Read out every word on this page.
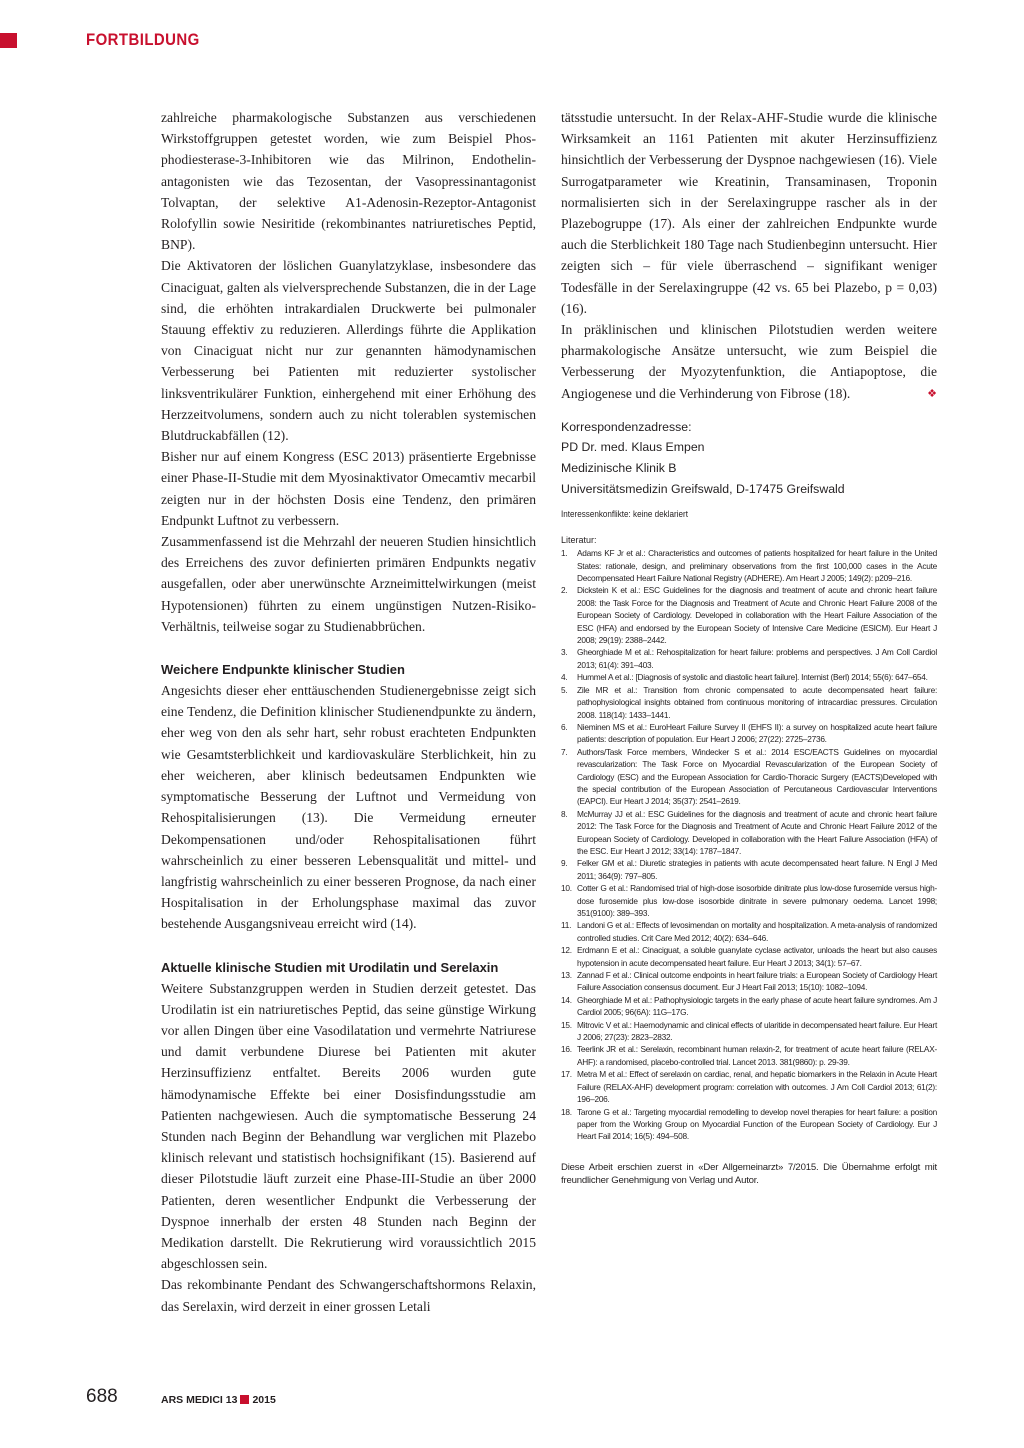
FORTBILDUNG

zahlreiche pharmakologische Substanzen aus verschiedenen Wirkstoffgruppen getestet worden, wie zum Beispiel Phosphodiesterase-3-Inhibitoren wie das Milrinon, Endothelinantagonisten wie das Tezosentan, der Vasopressinantagonist Tolvaptan, der selektive A1-Adenosin-Rezeptor-Antagonist Rolofyllin sowie Nesiritide (rekombinantes natriuretisches Peptid, BNP).

Die Aktivatoren der löslichen Guanylatzyklase, insbesondere das Cinaciguat, galten als vielversprechende Substanzen, die in der Lage sind, die erhöhten intrakardialen Druckwerte bei pulmonaler Stauung effektiv zu reduzieren. Allerdings führte die Applikation von Cinaciguat nicht nur zur genannten hämodynamischen Verbesserung bei Patienten mit reduzierter systolischer linksventrikulärer Funktion, einhergehend mit einer Erhöhung des Herzzeitvolumens, sondern auch zu nicht tolerablen systemischen Blutdruckabfällen (12).

Bisher nur auf einem Kongress (ESC 2013) präsentierte Ergebnisse einer Phase-II-Studie mit dem Myosinaktivator Omecamtiv mecarbil zeigten nur in der höchsten Dosis eine Tendenz, den primären Endpunkt Luftnot zu verbessern.

Zusammenfassend ist die Mehrzahl der neueren Studien hinsichtlich des Erreichens des zuvor definierten primären Endpunkts negativ ausgefallen, oder aber unerwünschte Arzneimittelwirkungen (meist Hypotensionen) führten zu einem ungünstigen Nutzen-Risiko-Verhältnis, teilweise sogar zu Studienabbrüchen.

Weichere Endpunkte klinischer Studien

Angesichts dieser eher enttäuschenden Studienergebnisse zeigt sich eine Tendenz, die Definition klinischer Studienendpunkte zu ändern, eher weg von den als sehr hart, sehr robust erachteten Endpunkten wie Gesamtsterblichkeit und kardiovaskuläre Sterblichkeit, hin zu eher weicheren, aber klinisch bedeutsamen Endpunkten wie symptomatische Besserung der Luftnot und Vermeidung von Rehospitalisierungen (13). Die Vermeidung erneuter Dekompensationen und/oder Rehospitalisationen führt wahrscheinlich zu einer besseren Lebensqualität und mittel- und langfristig wahrscheinlich zu einer besseren Prognose, da nach einer Hospitalisation in der Erholungsphase maximal das zuvor bestehende Ausgangsniveau erreicht wird (14).

Aktuelle klinische Studien mit Urodilatin und Serelaxin

Weitere Substanzgruppen werden in Studien derzeit getestet. Das Urodilatin ist ein natriuretisches Peptid, das seine günstige Wirkung vor allen Dingen über eine Vasodilatation und vermehrte Natriurese und damit verbundene Diurese bei Patienten mit akuter Herzinsuffizienz entfaltet. Bereits 2006 wurden gute hämodynamische Effekte bei einer Dosisfindungsstudie am Patienten nachgewiesen. Auch die symptomatische Besserung 24 Stunden nach Beginn der Behandlung war verglichen mit Plazebo klinisch relevant und statistisch hochsignifikant (15). Basierend auf dieser Pilotstudie läuft zurzeit eine Phase-III-Studie an über 2000 Patienten, deren wesentlicher Endpunkt die Verbesserung der Dyspnoe innerhalb der ersten 48 Stunden nach Beginn der Medikation darstellt. Die Rekrutierung wird voraussichtlich 2015 abgeschlossen sein.

Das rekombinante Pendant des Schwangerschaftshormons Relaxin, das Serelaxin, wird derzeit in einer grossen Letali

tätsstudie untersucht. In der Relax-AHF-Studie wurde die klinische Wirksamkeit an 1161 Patienten mit akuter Herzinsuffizienz hinsichtlich der Verbesserung der Dyspnoe nachgewiesen (16). Viele Surrogatparameter wie Kreatinin, Transaminasen, Troponin normalisierten sich in der Serelaxingruppe rascher als in der Plazebogruppe (17). Als einer der zahlreichen Endpunkte wurde auch die Sterblichkeit 180 Tage nach Studienbeginn untersucht. Hier zeigten sich – für viele überraschend – signifikant weniger Todesfälle in der Serelaxingruppe (42 vs. 65 bei Plazebo, p = 0,03) (16).

In präklinischen und klinischen Pilotstudien werden weitere pharmakologische Ansätze untersucht, wie zum Beispiel die Verbesserung der Myozytenfunktion, die Antiapoptose, die Angiogenese und die Verhinderung von Fibrose (18).	❖

Korrespondenzadresse:
PD Dr. med. Klaus Empen
Medizinische Klinik B
Universitätsmedizin Greifswald, D-17475 Greifswald
Interessenkonflikte: keine deklariert
Literatur:
1. Adams KF Jr et al.: Characteristics and outcomes of patients hospitalized for heart failure in the United States: rationale, design, and preliminary observations from the first 100,000 cases in the Acute Decompensated Heart Failure National Registry (ADHERE). Am Heart J 2005; 149(2): p209–216.
2. Dickstein K et al.: ESC Guidelines for the diagnosis and treatment of acute and chronic heart failure 2008: the Task Force for the Diagnosis and Treatment of Acute and Chronic Heart Failure 2008 of the European Society of Cardiology. Developed in collaboration with the Heart Failure Association of the ESC (HFA) and endorsed by the European Society of Intensive Care Medicine (ESICM). Eur Heart J 2008; 29(19): 2388–2442.
3. Gheorghiade M et al.: Rehospitalization for heart failure: problems and perspectives. J Am Coll Cardiol 2013; 61(4): 391–403.
4. Hummel A et al.: [Diagnosis of systolic and diastolic heart failure]. Internist (Berl) 2014; 55(6): 647–654.
5. Zile MR et al.: Transition from chronic compensated to acute decompensated heart failure: pathophysiological insights obtained from continuous monitoring of intracardiac pressures. Circulation 2008. 118(14): 1433–1441.
6. Nieminen MS et al.: EuroHeart Failure Survey II (EHFS II): a survey on hospitalized acute heart failure patients: description of population. Eur Heart J 2006; 27(22): 2725–2736.
7. Authors/Task Force members, Windecker S et al.: 2014 ESC/EACTS Guidelines on myocardial revascularization: The Task Force on Myocardial Revascularization of the European Society of Cardiology (ESC) and the European Association for Cardio-Thoracic Surgery (EACTS)Developed with the special contribution of the European Association of Percutaneous Cardiovascular Interventions (EAPCI). Eur Heart J 2014; 35(37): 2541–2619.
8. McMurray JJ et al.: ESC Guidelines for the diagnosis and treatment of acute and chronic heart failure 2012: The Task Force for the Diagnosis and Treatment of Acute and Chronic Heart Failure 2012 of the European Society of Cardiology. Developed in collaboration with the Heart Failure Association (HFA) of the ESC. Eur Heart J 2012; 33(14): 1787–1847.
9. Felker GM et al.: Diuretic strategies in patients with acute decompensated heart failure. N Engl J Med 2011; 364(9): 797–805.
10. Cotter G et al.: Randomised trial of high-dose isosorbide dinitrate plus low-dose furosemide versus high-dose furosemide plus low-dose isosorbide dinitrate in severe pulmonary oedema. Lancet 1998; 351(9100): 389–393.
11. Landoni G et al.: Effects of levosimendan on mortality and hospitalization. A meta-analysis of randomized controlled studies. Crit Care Med 2012; 40(2): 634–646.
12. Erdmann E et al.: Cinaciguat, a soluble guanylate cyclase activator, unloads the heart but also causes hypotension in acute decompensated heart failure. Eur Heart J 2013; 34(1): 57–67.
13. Zannad F et al.: Clinical outcome endpoints in heart failure trials: a European Society of Cardiology Heart Failure Association consensus document. Eur J Heart Fail 2013; 15(10): 1082–1094.
14. Gheorghiade M et al.: Pathophysiologic targets in the early phase of acute heart failure syndromes. Am J Cardiol 2005; 96(6A): 11G–17G.
15. Mitrovic V et al.: Haemodynamic and clinical effects of ularitide in decompensated heart failure. Eur Heart J 2006; 27(23): 2823–2832.
16. Teerlink JR et al.: Serelaxin, recombinant human relaxin-2, for treatment of acute heart failure (RELAX-AHF): a randomised, placebo-controlled trial. Lancet 2013. 381(9860): p. 29-39.
17. Metra M et al.: Effect of serelaxin on cardiac, renal, and hepatic biomarkers in the Relaxin in Acute Heart Failure (RELAX-AHF) development program: correlation with outcomes. J Am Coll Cardiol 2013; 61(2): 196–206.
18. Tarone G et al.: Targeting myocardial remodelling to develop novel therapies for heart failure: a position paper from the Working Group on Myocardial Function of the European Society of Cardiology. Eur J Heart Fail 2014; 16(5): 494–508.
Diese Arbeit erschien zuerst in «Der Allgemeinarzt» 7/2015. Die Übernahme erfolgt mit freundlicher Genehmigung von Verlag und Autor.
688	ARS MEDICI 13 2015
